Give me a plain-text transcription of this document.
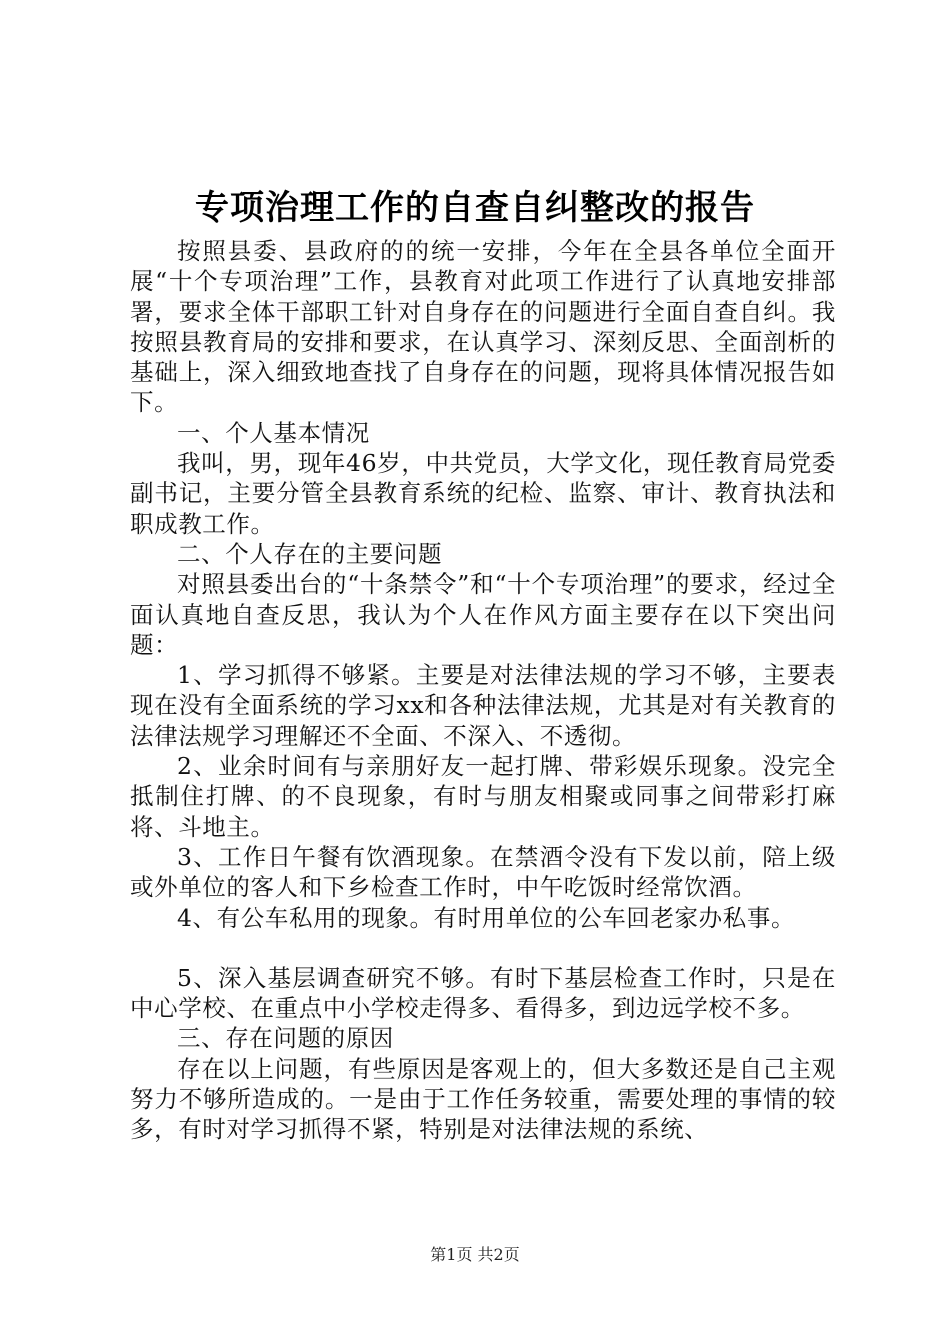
专项治理工作的自查自纠整改的报告

按照县委、县政府的的统一安排，今年在全县各单位全面开展“十个专项治理”工作，县教育对此项工作进行了认真地安排部署，要求全体干部职工针对自身存在的问题进行全面自查自纠。我按照县教育局的安排和要求，在认真学习、深刻反思、全面剖析的基础上，深入细致地查找了自身存在的问题，现将具体情况报告如下。

一、个人基本情况

我叫，男，现年46岁，中共党员，大学文化，现任教育局党委副书记，主要分管全县教育系统的纪检、监察、审计、教育执法和职成教工作。

二、个人存在的主要问题

对照县委出台的“十条禁令”和“十个专项治理”的要求，经过全面认真地自查反思，我认为个人在作风方面主要存在以下突出问题：

1、学习抓得不够紧。主要是对法律法规的学习不够，主要表现在没有全面系统的学习xx和各种法律法规，尤其是对有关教育的法律法规学习理解还不全面、不深入、不透彻。

2、业余时间有与亲朋好友一起打牌、带彩娱乐现象。没完全抵制住打牌、的不良现象，有时与朋友相聚或同事之间带彩打麻将、斗地主。

3、工作日午餐有饮酒现象。在禁酒令没有下发以前，陪上级或外单位的客人和下乡检查工作时，中午吃饭时经常饮酒。

4、有公车私用的现象。有时用单位的公车回老家办私事。

5、深入基层调查研究不够。有时下基层检查工作时，只是在中心学校、在重点中小学校走得多、看得多，到边远学校不多。

三、存在问题的原因

存在以上问题，有些原因是客观上的，但大多数还是自己主观努力不够所造成的。一是由于工作任务较重，需要处理的事情的较多，有时对学习抓得不紧，特别是对法律法规的系统、

第1页 共2页
